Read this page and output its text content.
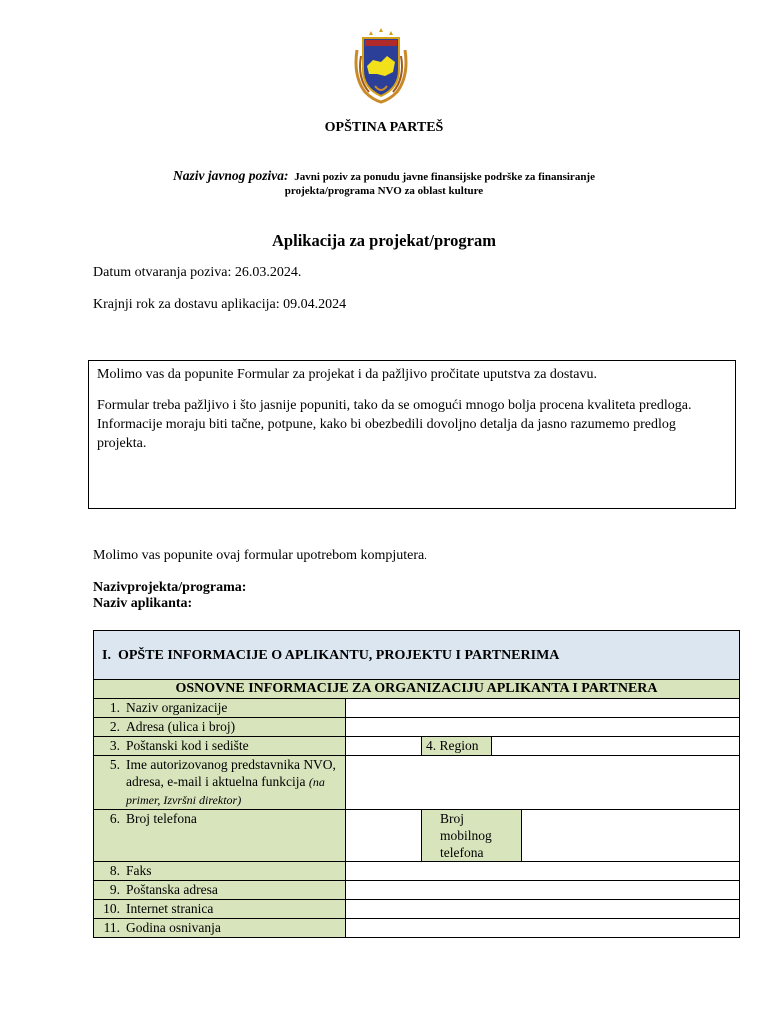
OPŠTINA PARTEŠ
Naziv javnog poziva: Javni poziv za ponudu javne finansijske podrške za finansiranje
projekta/programa NVO za oblast kulture
Aplikacija za projekat/program
Datum otvaranja poziva: 26.03.2024.
Krajnji rok za dostavu aplikacija: 09.04.2024

Molimo vas da popunite Formular za projekat i da pažljivo pročitate uputstva za dostavu.

Formular treba pažljivo i što jasnije popuniti, tako da se omogući mnogo bolja procena kvaliteta predloga. Informacije moraju biti tačne, potpune, kako bi obezbedili dovoljno detalja da jasno razumemo predlog projekta.

Molimo vas popunite ovaj formular upotrebom kompjutera.
Nazivprojekta/programa:
Naziv aplikanta:
I. OPŠTE INFORMACIJE O APLIKANTU, PROJEKTU I PARTNERIMA				
OSNOVNE INFORMACIJE ZA ORGANIZACIJU APLIKANTA I PARTNERA				
1. Naziv organizacije				
2. Adresa (ulica i broj)				
3. Poštanski kod i sedište		4. Region		

5. Ime autorizovanog predstavnika NVO, adresa, e-mail i aktuelna funkcija (na primer, Izvršni direktor)				

6. Broj telefona		Broj mobilnog telefona		
8. Faks				
9. Poštanska adresa				
10. Internet stranica				
11. Godina osnivanja				
